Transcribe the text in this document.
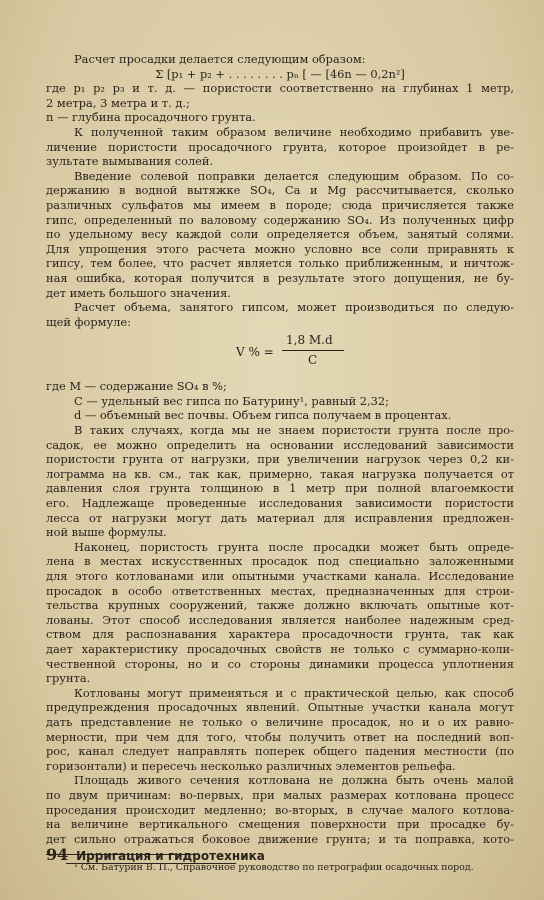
Расчет просадки делается следующим образом:
Σ [p₁ + p₂ + . . . . . . . . pₙ [ — [46n — 0,2n²]
где p₁ p₂ p₃ и т. д. — пористости соответственно на глубинах 1 метр,
2 метра, 3 метра и т. д.;
n — глубина просадочного грунта.
К полученной таким образом величине необходимо прибавить уве-
личение пористости просадочного грунта, которое произойдет в ре-
зультате вымывания солей.
Введение солевой поправки делается следующим образом. По со-
держанию в водной вытяжке SO₄, Ca и Mg рассчитывается, сколько
различных сульфатов мы имеем в породе; сюда причисляется также
гипс, определенный по валовому содержанию SO₄. Из полученных цифр
по удельному весу каждой соли определяется объем, занятый солями.
Для упрощения этого расчета можно условно все соли приравнять к
гипсу, тем более, что расчет является только приближенным, и ничтож-
ная ошибка, которая получится в результате этого допущения, не бу-
дет иметь большого значения.
Расчет объема, занятого гипсом, может производиться по следую-
щей формуле:
V % =
1,8 M.d
C
где M — содержание SO₄ в %;
C — удельный вес гипса по Батурину¹, равный 2,32;
d — объемный вес почвы. Объем гипса получаем в процентах.
В таких случаях, когда мы не знаем пористости грунта после про-
садок, ее можно определить на основании исследований зависимости
пористости грунта от нагрузки, при увеличении нагрузок через 0,2 ки-
лограмма на кв. см., так как, примерно, такая нагрузка получается от
давления слоя грунта толщиною в 1 метр при полной влагоемкости
его. Надлежаще проведенные исследования зависимости пористости
лесса от нагрузки могут дать материал для исправления предложен-
ной выше формулы.
Наконец, пористость грунта после просадки может быть опреде-
лена в местах искусственных просадок под специально заложенными
для этого котлованами или опытными участками канала. Исследование
просадок в особо ответственных местах, предназначенных для строи-
тельства крупных сооружений, также должно включать опытные кот-
лованы. Этот способ исследования является наиболее надежным сред-
ством для распознавания характера просадочности грунта, так как
дает характеристику просадочных свойств не только с суммарно-коли-
чественной стороны, но и со стороны динамики процесса уплотнения
грунта.
Котлованы могут применяться и с практической целью, как способ
предупреждения просадочных явлений. Опытные участки канала могут
дать представление не только о величине просадок, но и о их равно-
мерности, при чем для того, чтобы получить ответ на последний воп-
рос, канал следует направлять поперек общего падения местности (по
горизонтали) и пересечь несколько различных элементов рельефа.
Площадь живого сечения котлована не должна быть очень малой
по двум причинам: во-первых, при малых размерах котлована процесс
проседания происходит медленно; во-вторых, в случае малого котлова-
на величине вертикального смещения поверхности при просадке бу-
дет сильно отражаться боковое движение грунта; и та поправка, кото-
¹ См. Батурин В. П., Справочное руководство по петрографии осадочных пород.
94 Ирригация и гидротехника
